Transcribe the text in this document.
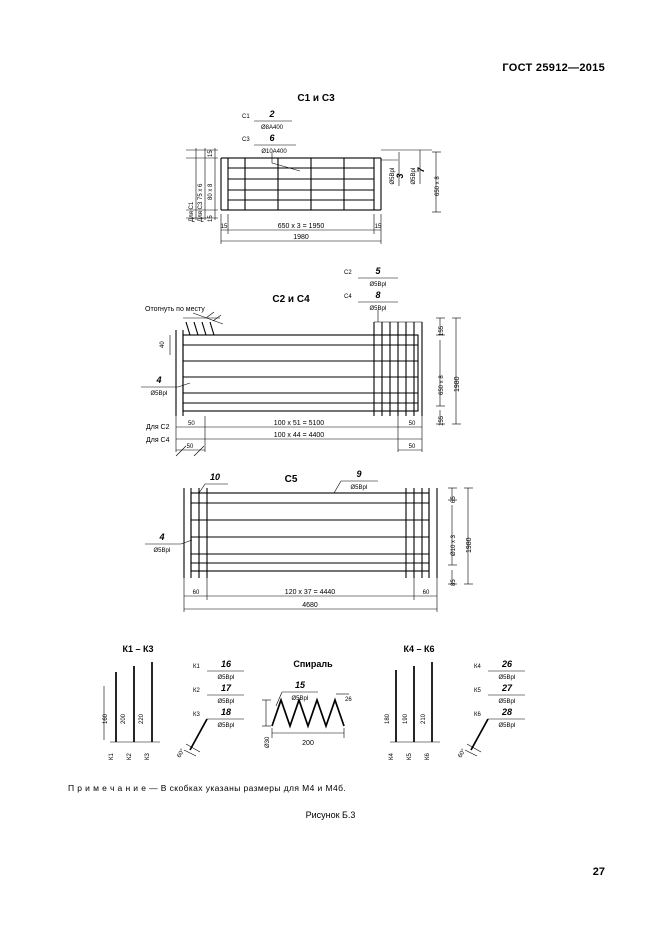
ГОСТ 25912—2015
С1 и С3
С1 2
Ø8А400
С3 6
Ø10А400
15
75 x 6 80 x 8
15
Для С1 Для С3
3
Ø5ВрI 7
Ø5ВрI
650 х 8
15	15
650 х 3 = 1950
1980
С2 и С4
С2	5
Ø5ВрI
С4	8
Ø5ВрI
Отогнуть по месту
40
4
Ø5ВрI
155
650 x 8
155
1980
50	100 x 51 = 5100	50
Для С2
100 x 44 = 4400
Для С4
50	50
С5
10	9
Ø5ВрI
4
Ø5ВрI
65
Ø10 х 3
85
1980
60	60
120 х 37 = 4440
4680
К1 – К3
160 200 220
К1 К2 К3
К1 16
Ø5ВрI
К2 17
Ø5ВрI
К3 18
Ø5ВрI
60°
Спираль
15
Ø5ВрI	26
Ø30	200
К4 – К6
180 190 210
К4 К5 К6
К4 26
Ø5ВрI
К5 27
Ø5ВрI
К6 28
Ø5ВрI
60°
П р и м е ч а н и е — В скобках указаны размеры для М4 и М4б.
Рисунок Б.3
27
